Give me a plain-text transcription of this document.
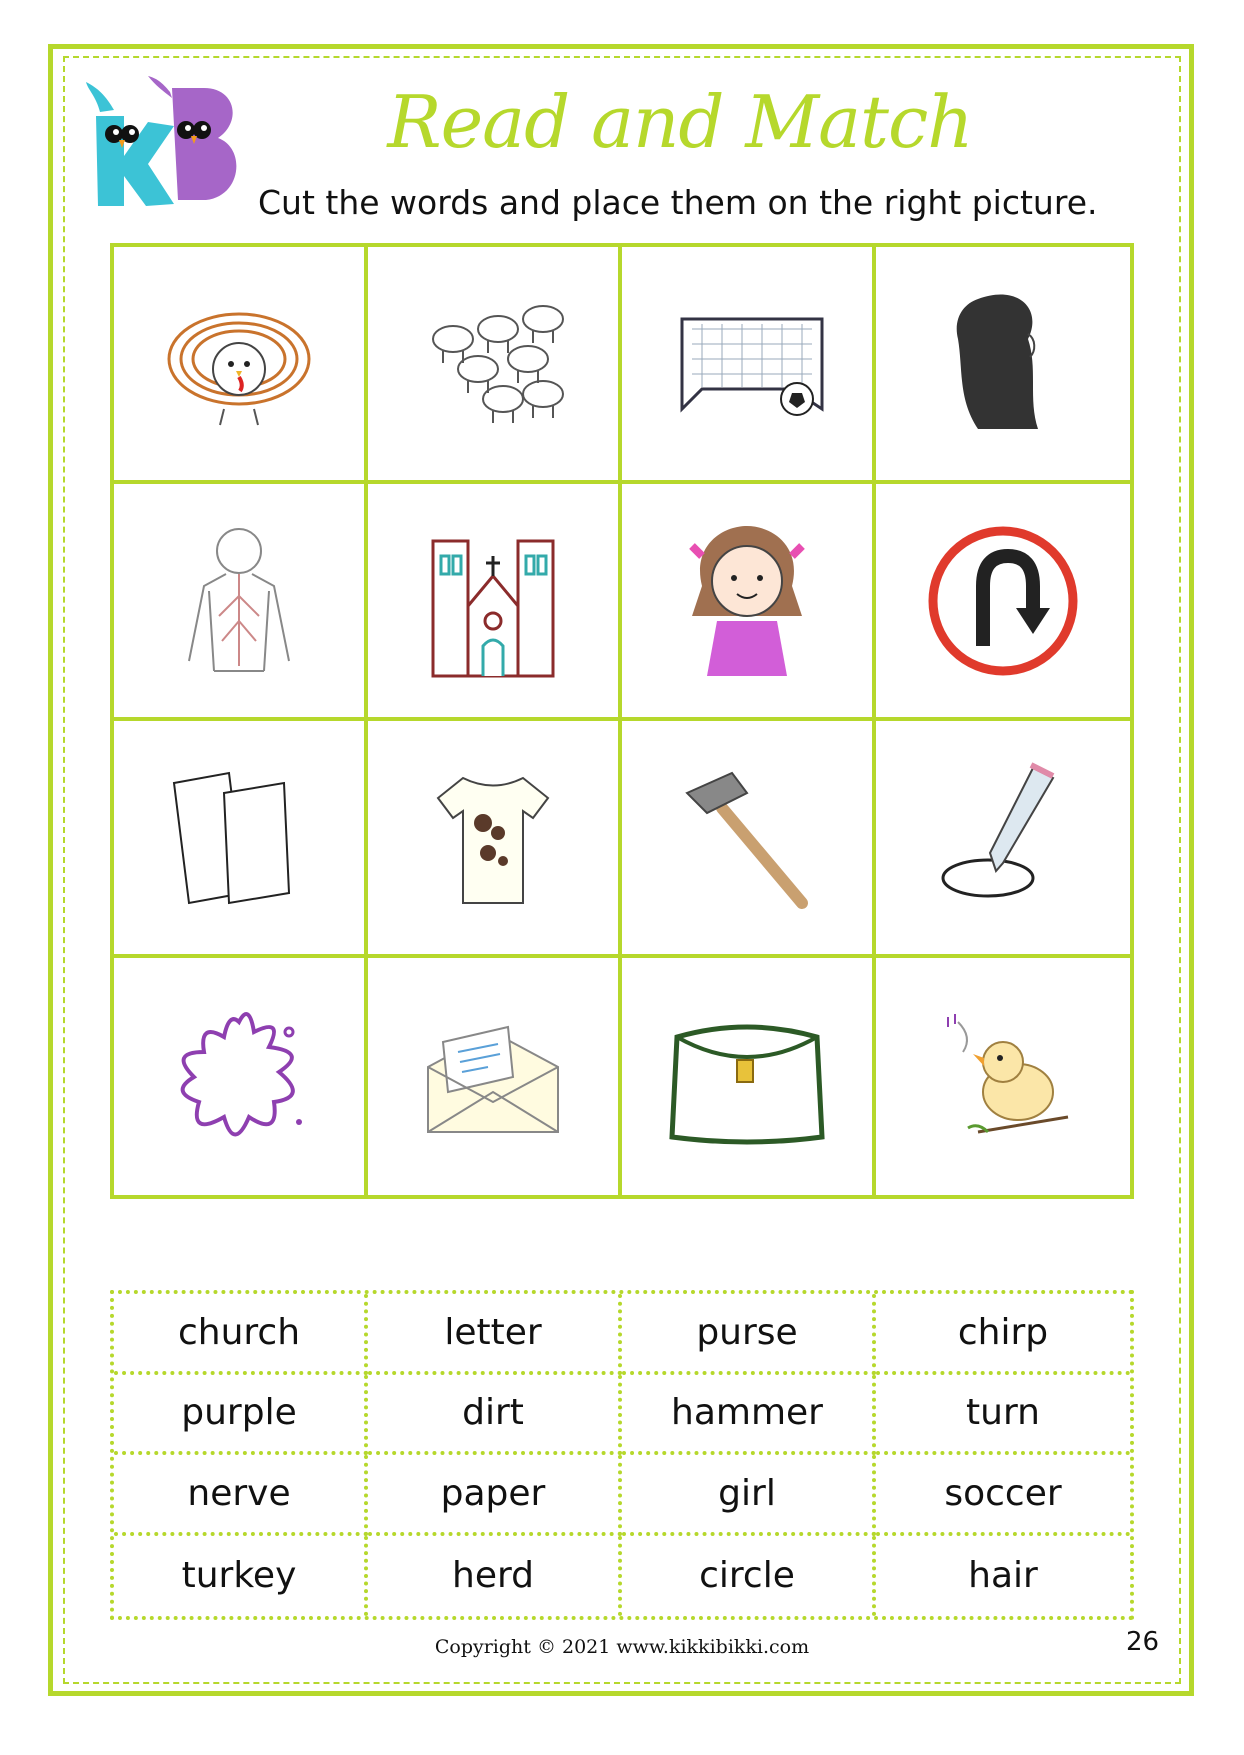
Read and Match
Cut the words and place them on the right picture.
church	letter	purse	chirp
purple	dirt	hammer	turn
nerve	paper	girl	soccer
turkey	herd	circle	hair
Copyright © 2021 www.kikkibikki.com	26
